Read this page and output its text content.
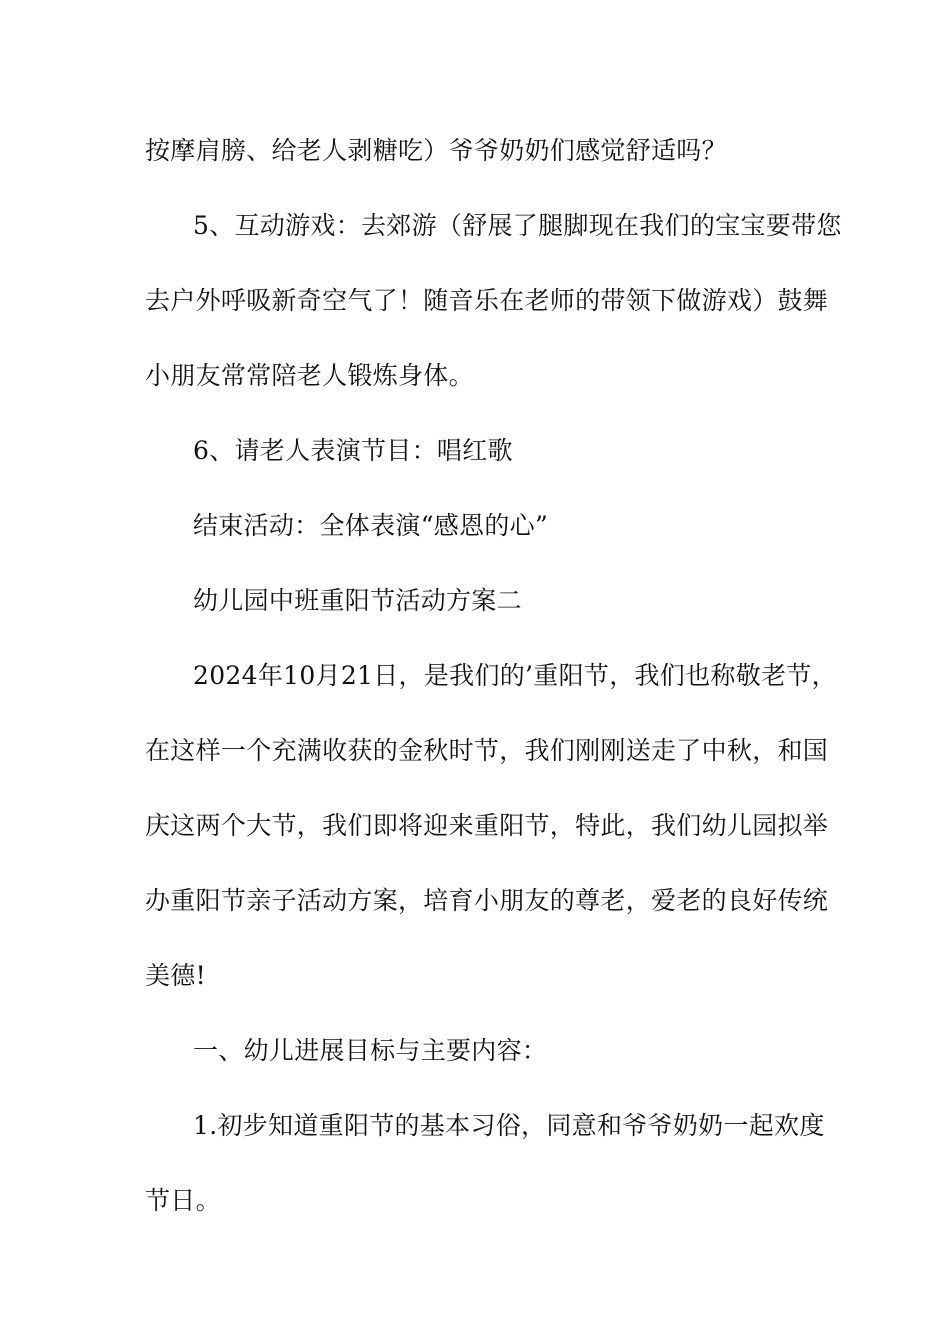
按摩肩膀、给老人剥糖吃）爷爷奶奶们感觉舒适吗？
5、互动游戏：去郊游（舒展了腿脚现在我们的宝宝要带您
去户外呼吸新奇空气了！随音乐在老师的带领下做游戏）鼓舞
小朋友常常陪老人锻炼身体。
6、请老人表演节目：唱红歌
结束活动：全体表演“感恩的心”
幼儿园中班重阳节活动方案二
2024年10月21日，是我们的’重阳节，我们也称敬老节，
在这样一个充满收获的金秋时节，我们刚刚送走了中秋，和国
庆这两个大节，我们即将迎来重阳节，特此，我们幼儿园拟举
办重阳节亲子活动方案，培育小朋友的尊老，爱老的良好传统
美德!
一、幼儿进展目标与主要内容：
1.初步知道重阳节的基本习俗，同意和爷爷奶奶一起欢度
节日。
